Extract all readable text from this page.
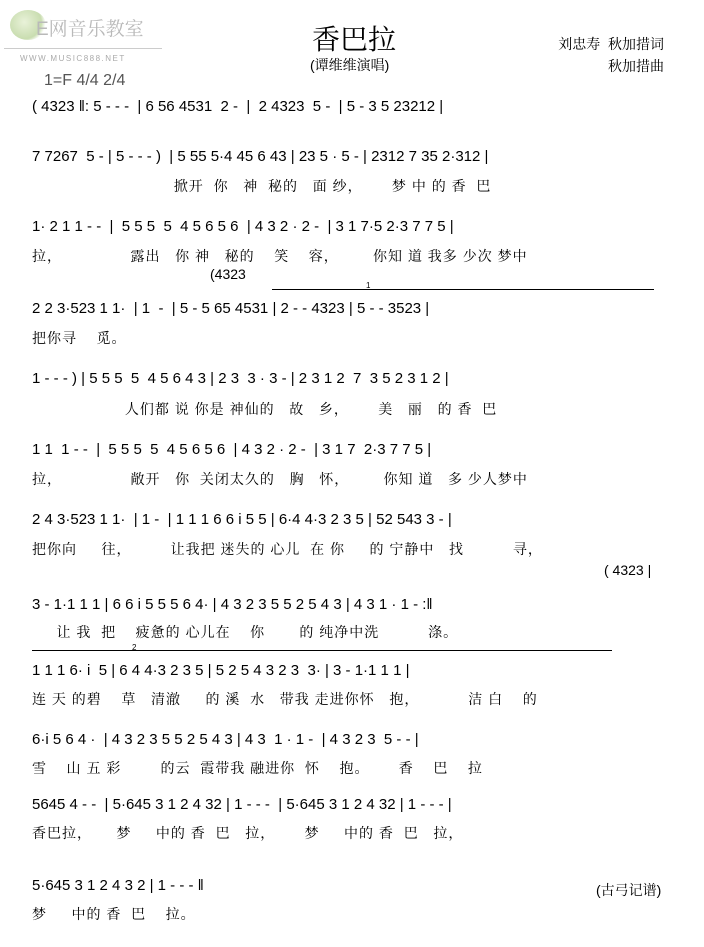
E网音乐教室

WWW.MUSIC888.NET

1=F 4/4 2/4
香巴拉
(谭维维演唱)
刘忠寿  秋加措词
秋加措曲
( 4323 ‖: 5 - - -  | 6 56 4531  2 -  |  2 4323  5 -  | 5 - 3 5 23212 |
7 7267  5 - | 5 - - - )  | 5 55 5·4 45 6 43 | 23 5 · 5 - | 2312 7 35 2·312 |
掀开  你   神  秘的   面 纱，      梦 中 的 香  巴
1· 2 1 1 - -  |  5 5 5  5  4 5 6 5 6  | 4 3 2 · 2 -  | 3 1 7·5 2·3 7 7 5 |
拉，              露出   你 神   秘的    笑    容，       你知 道 我多 少次 梦中
(4323
1
2 2 3·523 1 1·  | 1  -  | 5 - 5 65 4531 | 2 - - 4323 | 5 - - 3523 |
把你寻    觅。
1 - - - ) | 5 5 5  5  4 5 6 4 3 | 2 3  3 · 3 - | 2 3 1 2  7  3 5 2 3 1 2 |
人们都 说 你是 神仙的   故   乡，      美   丽   的 香  巴
1 1  1 - -  |  5 5 5  5  4 5 6 5 6  | 4 3 2 · 2 -  | 3 1 7  2·3 7 7 5 |
拉，              敞开   你  关闭太久的   胸   怀，       你知 道   多 少人梦中
2 4 3·523 1 1·  | 1 -  | 1 1 1 6 6 i 5 5 | 6·4 4·3 2 3 5 | 52 543 3 - |
把你向     往，        让我把 迷失的 心儿  在 你     的 宁静中   找          寻，
( 4323 |
3 - 1·1 1 1 | 6 6 i 5 5 5 6 4· | 4 3 2 3 5 5 2 5 4 3 | 4 3 1 · 1 - :‖
让 我  把    疲惫的 心儿在    你       的 纯净中洗          涤。
2
1 1 1 6· i  5 | 6 4 4·3 2 3 5 | 5 2 5 4 3 2 3  3· | 3 - 1·1 1 1 |
连 天 的碧    草   清澈     的 溪  水   带我 走进你怀   抱，          洁 白    的
6·i 5 6 4 ·  | 4 3 2 3 5 5 2 5 4 3 | 4 3  1 · 1 -  | 4 3 2 3  5 - - |
雪    山 五 彩        的云  霞带我 融进你  怀    抱。      香    巴    拉
5645 4 - -  | 5·645 3 1 2 4 32 | 1 - - -  | 5·645 3 1 2 4 32 | 1 - - - |
香巴拉，     梦     中的 香  巴   拉，      梦     中的 香  巴   拉，
5·645 3 1 2 4 3 2 | 1 - - - ‖
梦     中的 香  巴    拉。
(古弓记谱)
